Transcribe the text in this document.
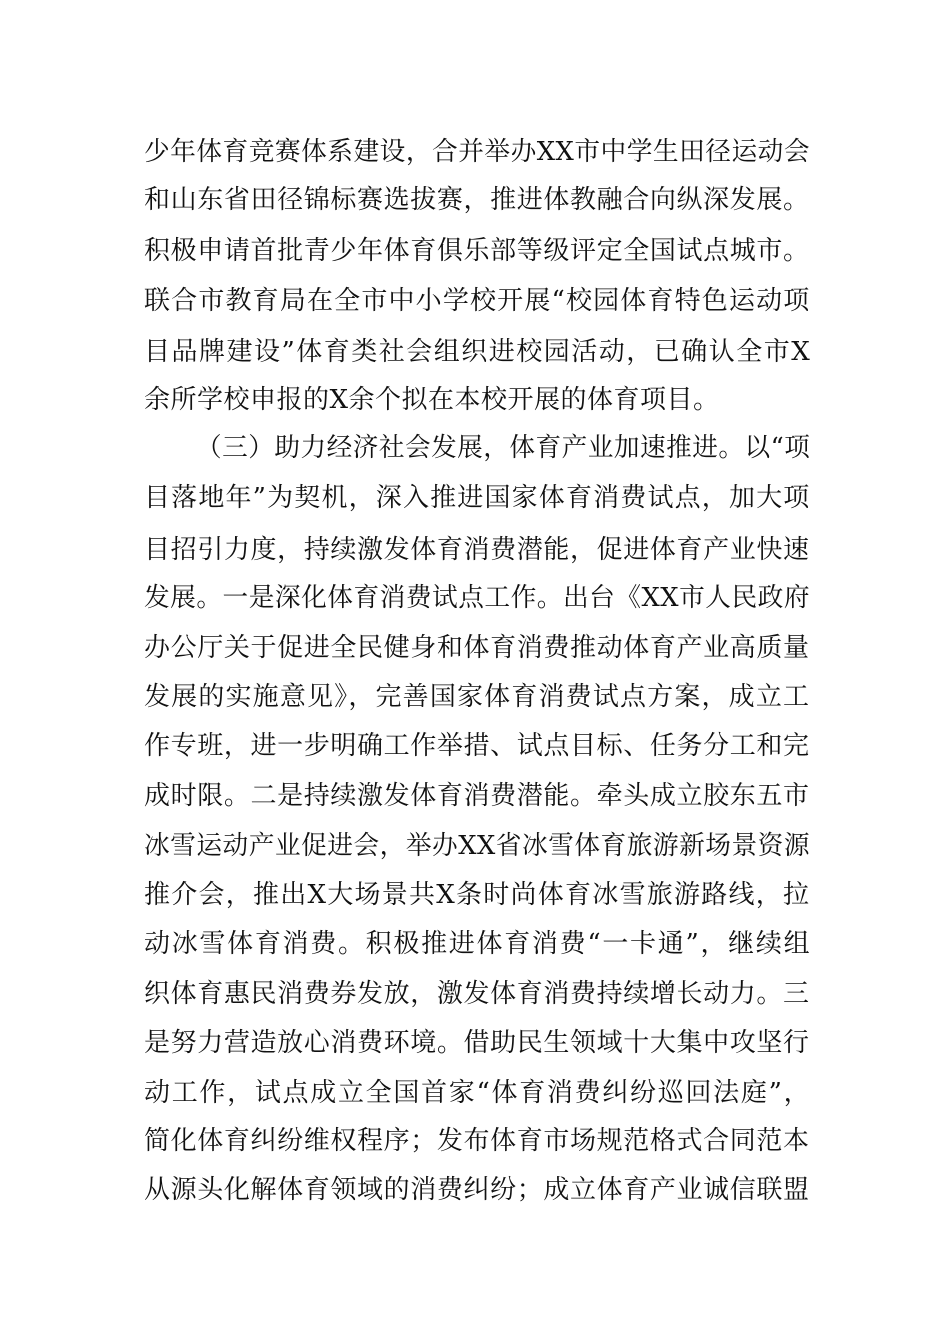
少年体育竞赛体系建设，合并举办XX市中学生田径运动会
和山东省田径锦标赛选拔赛，推进体教融合向纵深发展。
积极申请首批青少年体育俱乐部等级评定全国试点城市。
联合市教育局在全市中小学校开展“校园体育特色运动项
目品牌建设”体育类社会组织进校园活动，已确认全市X
余所学校申报的X余个拟在本校开展的体育项目。
（三）助力经济社会发展，体育产业加速推进。以“项
目落地年”为契机，深入推进国家体育消费试点，加大项
目招引力度，持续激发体育消费潜能，促进体育产业快速
发展。一是深化体育消费试点工作。出台《XX市人民政府
办公厅关于促进全民健身和体育消费推动体育产业高质量
发展的实施意见》，完善国家体育消费试点方案，成立工
作专班，进一步明确工作举措、试点目标、任务分工和完
成时限。二是持续激发体育消费潜能。牵头成立胶东五市
冰雪运动产业促进会，举办XX省冰雪体育旅游新场景资源
推介会，推出X大场景共X条时尚体育冰雪旅游路线，拉
动冰雪体育消费。积极推进体育消费“一卡通”，继续组
织体育惠民消费券发放，激发体育消费持续增长动力。三
是努力营造放心消费环境。借助民生领域十大集中攻坚行
动工作，试点成立全国首家“体育消费纠纷巡回法庭”，
简化体育纠纷维权程序；发布体育市场规范格式合同范本
从源头化解体育领域的消费纠纷；成立体育产业诚信联盟
